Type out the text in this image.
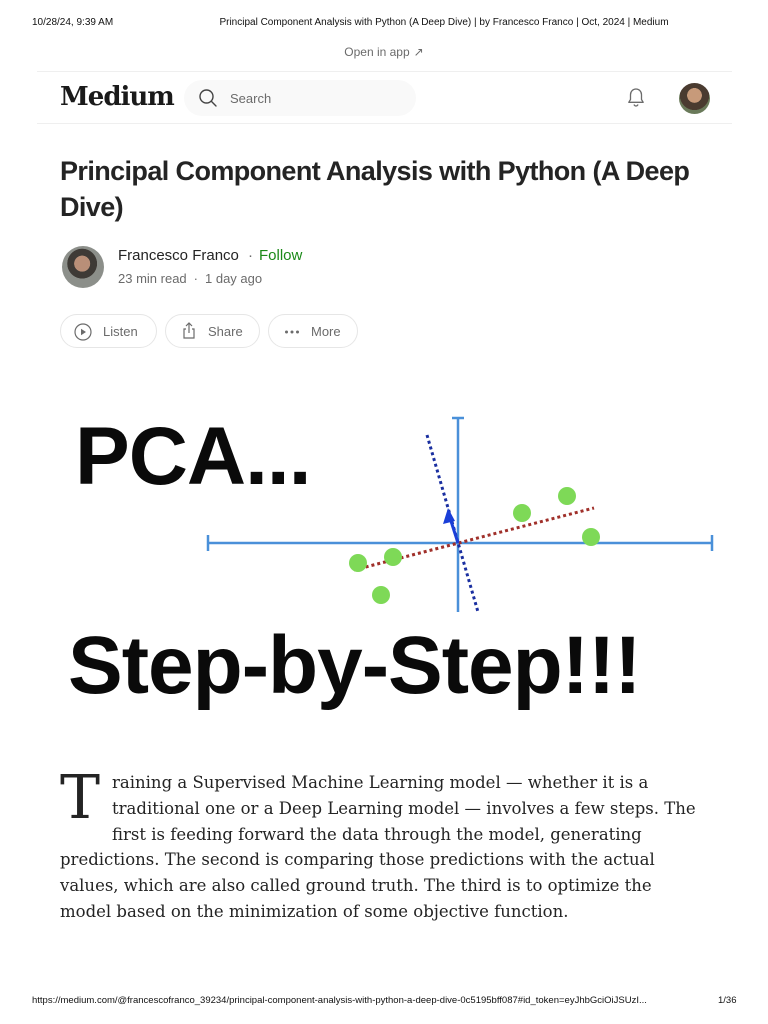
10/28/24, 9:39 AM	Principal Component Analysis with Python (A Deep Dive) | by Francesco Franco | Oct, 2024 | Medium
Open in app ↗
Medium
Search
Principal Component Analysis with Python (A Deep Dive)
Francesco Franco · Follow
23 min read · 1 day ago
Listen	Share	More
PCA...
Step-by-Step!!!
Training a Supervised Machine Learning model — whether it is a traditional one or a Deep Learning model — involves a few steps. The first is feeding forward the data through the model, generating predictions. The second is comparing those predictions with the actual values, which are also called ground truth. The third is to optimize the model based on the minimization of some objective function.
https://medium.com/@francescofranco_39234/principal-component-analysis-with-python-a-deep-dive-0c5195bff087#id_token=eyJhbGciOiJSUzI...	1/36
